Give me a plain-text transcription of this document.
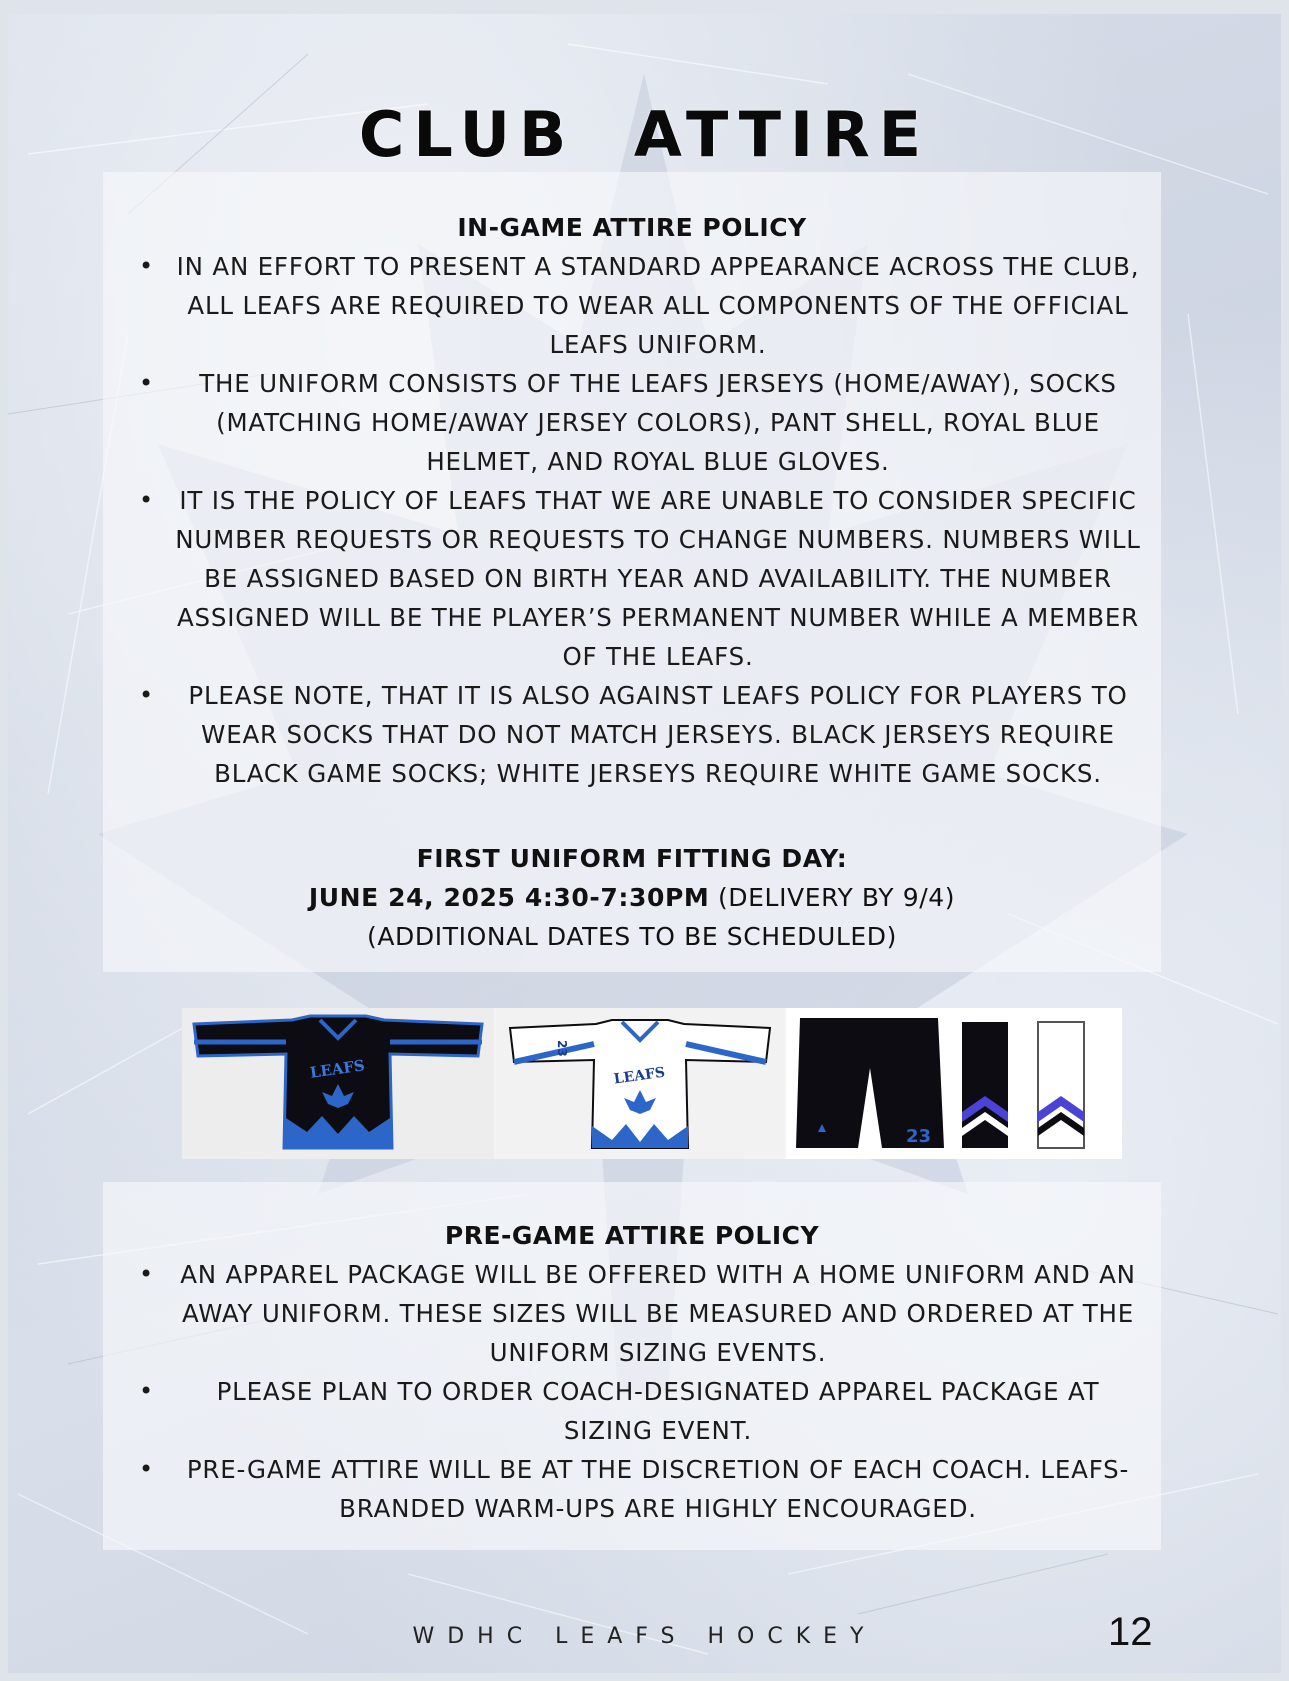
CLUB ATTIRE
IN-GAME ATTIRE POLICY
• IN AN EFFORT TO PRESENT A STANDARD APPEARANCE ACROSS THE CLUB, ALL LEAFS ARE REQUIRED TO WEAR ALL COMPONENTS OF THE OFFICIAL LEAFS UNIFORM.
• THE UNIFORM CONSISTS OF THE LEAFS JERSEYS (HOME/AWAY), SOCKS (MATCHING HOME/AWAY JERSEY COLORS), PANT SHELL, ROYAL BLUE HELMET, AND ROYAL BLUE GLOVES.
• IT IS THE POLICY OF LEAFS THAT WE ARE UNABLE TO CONSIDER SPECIFIC NUMBER REQUESTS OR REQUESTS TO CHANGE NUMBERS. NUMBERS WILL BE ASSIGNED BASED ON BIRTH YEAR AND AVAILABILITY. THE NUMBER ASSIGNED WILL BE THE PLAYER’S PERMANENT NUMBER WHILE A MEMBER OF THE LEAFS.
• PLEASE NOTE, THAT IT IS ALSO AGAINST LEAFS POLICY FOR PLAYERS TO WEAR SOCKS THAT DO NOT MATCH JERSEYS. BLACK JERSEYS REQUIRE BLACK GAME SOCKS; WHITE JERSEYS REQUIRE WHITE GAME SOCKS.
FIRST UNIFORM FITTING DAY:
JUNE 24, 2025 4:30-7:30PM (DELIVERY BY 9/4)
(ADDITIONAL DATES TO BE SCHEDULED)
LEAFS	LEAFS
23
23
PRE-GAME ATTIRE POLICY
• AN APPAREL PACKAGE WILL BE OFFERED WITH A HOME UNIFORM AND AN AWAY UNIFORM. THESE SIZES WILL BE MEASURED AND ORDERED AT THE UNIFORM SIZING EVENTS.
•	PLEASE PLAN TO ORDER COACH-DESIGNATED APPAREL PACKAGE AT SIZING EVENT.
• PRE-GAME ATTIRE WILL BE AT THE DISCRETION OF EACH COACH. LEAFS-BRANDED WARM-UPS ARE HIGHLY ENCOURAGED.
WDHC LEAFS HOCKEY	12
